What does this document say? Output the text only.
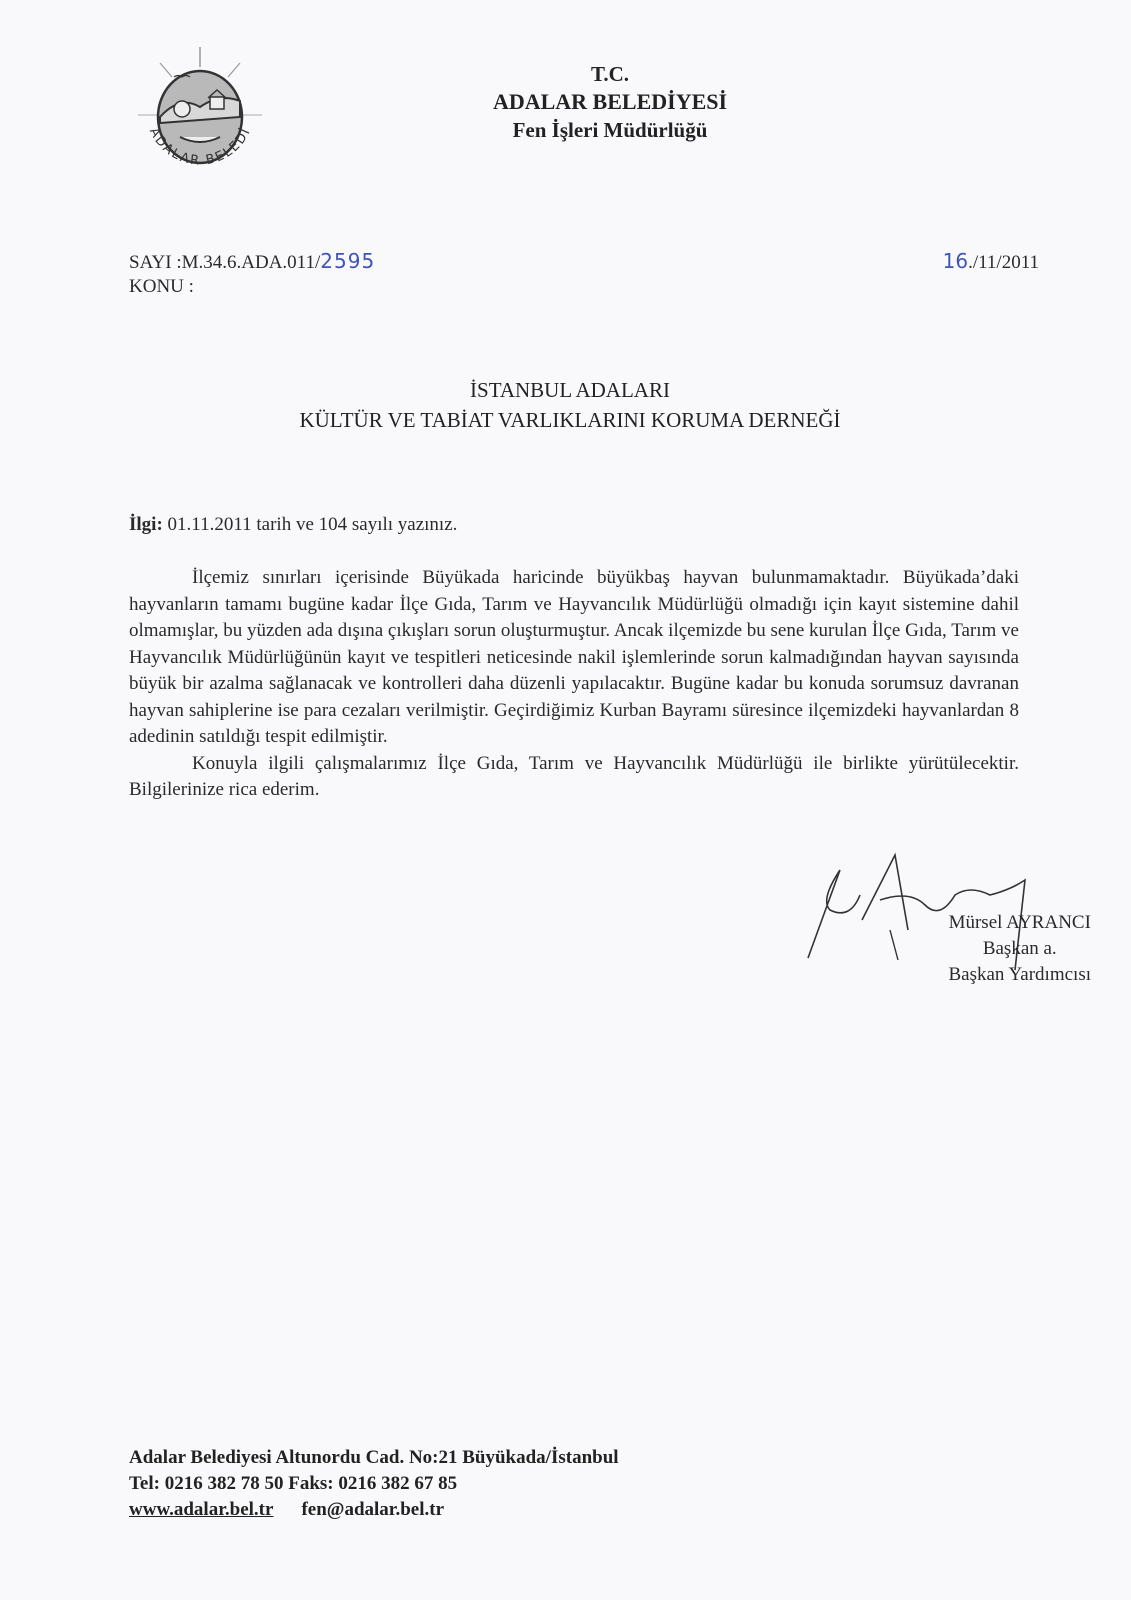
ADALAR BELEDİ
T.C.
ADALAR BELEDİYESİ
Fen İşleri Müdürlüğü
SAYI :M.34.6.ADA.011/2595
KONU :
16./11/2011
İSTANBUL ADALARI
KÜLTÜR VE TABİAT VARLIKLARINI KORUMA DERNEĞİ
İlgi: 01.11.2011 tarih ve 104 sayılı yazınız.

İlçemiz sınırları içerisinde Büyükada haricinde büyükbaş hayvan bulunmamaktadır. Büyükada’daki hayvanların tamamı bugüne kadar İlçe Gıda, Tarım ve Hayvancılık Müdürlüğü olmadığı için kayıt sistemine dahil olmamışlar, bu yüzden ada dışına çıkışları sorun oluşturmuştur. Ancak ilçemizde bu sene kurulan İlçe Gıda, Tarım ve Hayvancılık Müdürlüğünün kayıt ve tespitleri neticesinde nakil işlemlerinde sorun kalmadığından hayvan sayısında büyük bir azalma sağlanacak ve kontrolleri daha düzenli yapılacaktır. Bugüne kadar bu konuda sorumsuz davranan hayvan sahiplerine ise para cezaları verilmiştir. Geçirdiğimiz Kurban Bayramı süresince ilçemizdeki hayvanlardan 8 adedinin satıldığı tespit edilmiştir.

Konuyla ilgili çalışmalarımız İlçe Gıda, Tarım ve Hayvancılık Müdürlüğü ile birlikte yürütülecektir. Bilgilerinize rica ederim.

Mürsel AYRANCI
Başkan a.
Başkan Yardımcısı
Adalar Belediyesi Altunordu Cad. No:21 Büyükada/İstanbul
Tel: 0216 382 78 50 Faks: 0216 382 67 85
www.adalar.bel.tr fen@adalar.bel.tr
